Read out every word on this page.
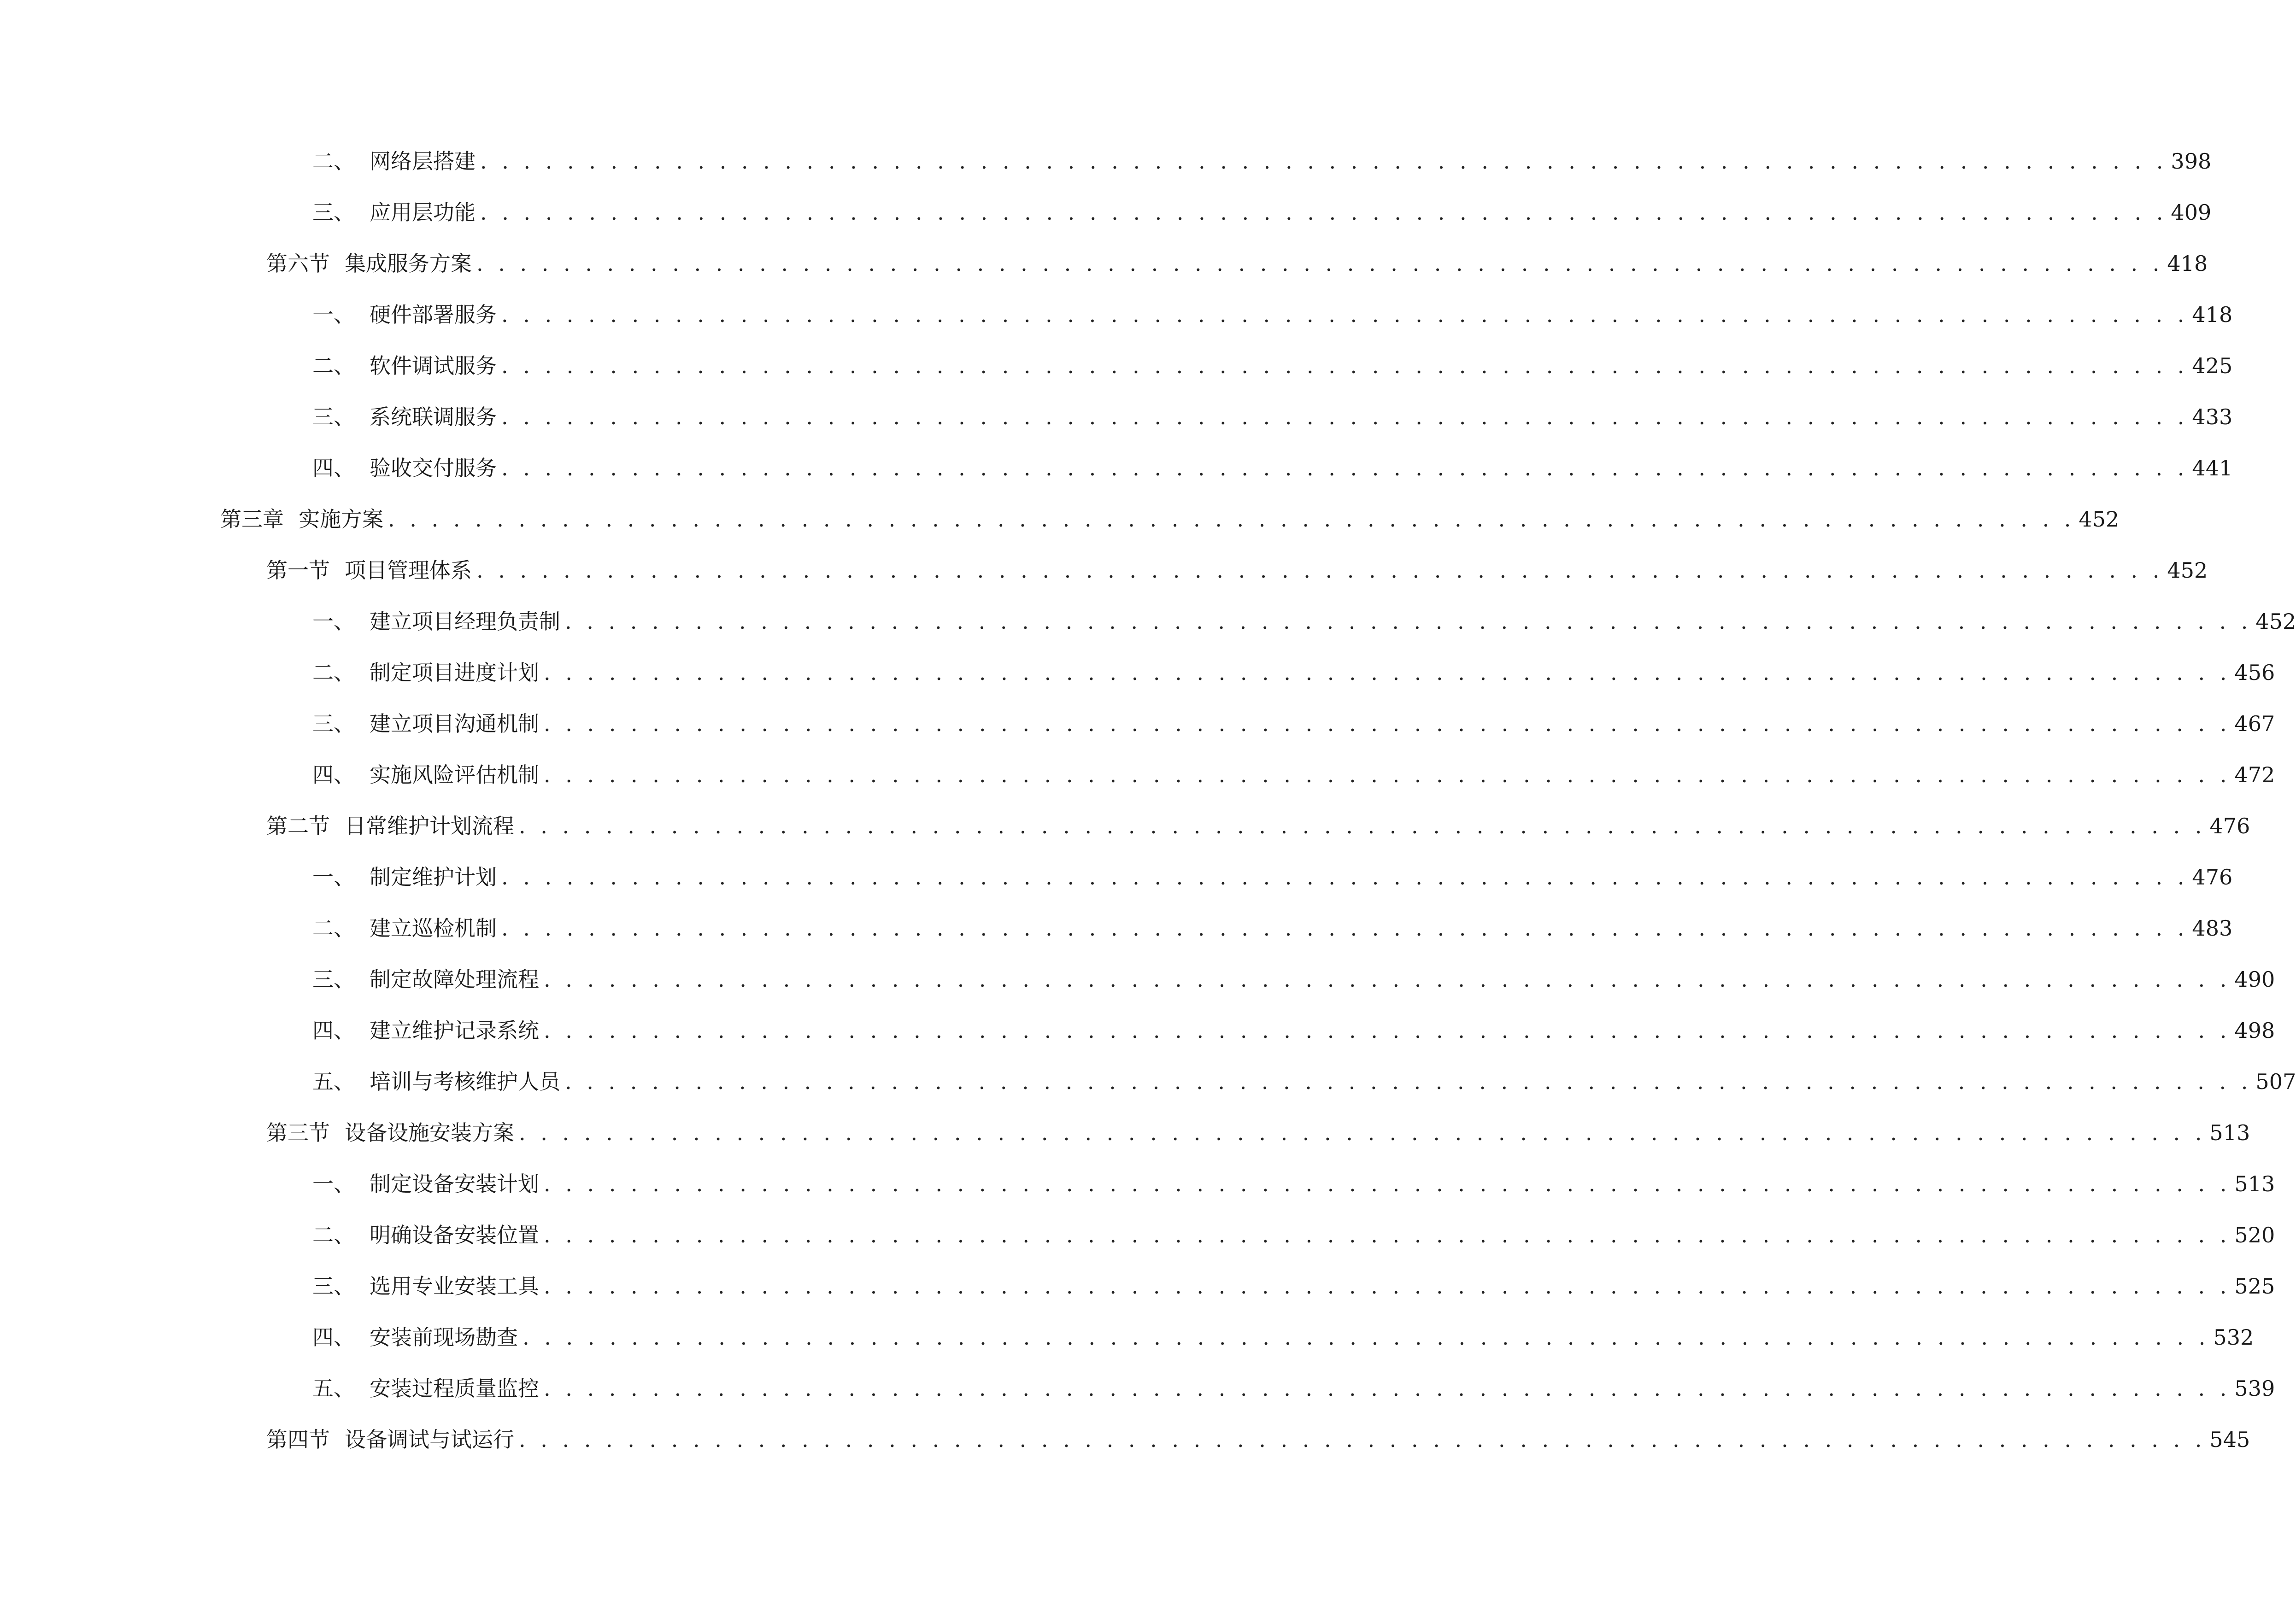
二、 网络层搭建 . . . . . . . . . . . . . . . . . . . . . . . . . . . . . . . . . . . . . . . . . . . . . . . . . . . . . . . . . . . . . . . . . . . . . . . . . . . . . . 398
三、 应用层功能 . . . . . . . . . . . . . . . . . . . . . . . . . . . . . . . . . . . . . . . . . . . . . . . . . . . . . . . . . . . . . . . . . . . . . . . . . . . . . . 409
第六节 集成服务方案 . . . . . . . . . . . . . . . . . . . . . . . . . . . . . . . . . . . . . . . . . . . . . . . . . . . . . . . . . . . . . . . . . . . . . . . . . . . . . . 418
一、 硬件部署服务 . . . . . . . . . . . . . . . . . . . . . . . . . . . . . . . . . . . . . . . . . . . . . . . . . . . . . . . . . . . . . . . . . . . . . . . . . . . . . . 418
二、 软件调试服务 . . . . . . . . . . . . . . . . . . . . . . . . . . . . . . . . . . . . . . . . . . . . . . . . . . . . . . . . . . . . . . . . . . . . . . . . . . . . . . 425
三、 系统联调服务 . . . . . . . . . . . . . . . . . . . . . . . . . . . . . . . . . . . . . . . . . . . . . . . . . . . . . . . . . . . . . . . . . . . . . . . . . . . . . . 433
四、 验收交付服务 . . . . . . . . . . . . . . . . . . . . . . . . . . . . . . . . . . . . . . . . . . . . . . . . . . . . . . . . . . . . . . . . . . . . . . . . . . . . . . 441
第三章 实施方案 . . . . . . . . . . . . . . . . . . . . . . . . . . . . . . . . . . . . . . . . . . . . . . . . . . . . . . . . . . . . . . . . . . . . . . . . . . . . . . 452
第一节 项目管理体系 . . . . . . . . . . . . . . . . . . . . . . . . . . . . . . . . . . . . . . . . . . . . . . . . . . . . . . . . . . . . . . . . . . . . . . . . . . . . . . 452
一、 建立项目经理负责制 . . . . . . . . . . . . . . . . . . . . . . . . . . . . . . . . . . . . . . . . . . . . . . . . . . . . . . . . . . . . . . . . . . . . . . . . . . . . . . 452
二、 制定项目进度计划 . . . . . . . . . . . . . . . . . . . . . . . . . . . . . . . . . . . . . . . . . . . . . . . . . . . . . . . . . . . . . . . . . . . . . . . . . . . . . . 456
三、 建立项目沟通机制 . . . . . . . . . . . . . . . . . . . . . . . . . . . . . . . . . . . . . . . . . . . . . . . . . . . . . . . . . . . . . . . . . . . . . . . . . . . . . . 467
四、 实施风险评估机制 . . . . . . . . . . . . . . . . . . . . . . . . . . . . . . . . . . . . . . . . . . . . . . . . . . . . . . . . . . . . . . . . . . . . . . . . . . . . . . 472
第二节 日常维护计划流程 . . . . . . . . . . . . . . . . . . . . . . . . . . . . . . . . . . . . . . . . . . . . . . . . . . . . . . . . . . . . . . . . . . . . . . . . . . . . . . 476
一、 制定维护计划 . . . . . . . . . . . . . . . . . . . . . . . . . . . . . . . . . . . . . . . . . . . . . . . . . . . . . . . . . . . . . . . . . . . . . . . . . . . . . . 476
二、 建立巡检机制 . . . . . . . . . . . . . . . . . . . . . . . . . . . . . . . . . . . . . . . . . . . . . . . . . . . . . . . . . . . . . . . . . . . . . . . . . . . . . . 483
三、 制定故障处理流程 . . . . . . . . . . . . . . . . . . . . . . . . . . . . . . . . . . . . . . . . . . . . . . . . . . . . . . . . . . . . . . . . . . . . . . . . . . . . . . 490
四、 建立维护记录系统 . . . . . . . . . . . . . . . . . . . . . . . . . . . . . . . . . . . . . . . . . . . . . . . . . . . . . . . . . . . . . . . . . . . . . . . . . . . . . . 498
五、 培训与考核维护人员 . . . . . . . . . . . . . . . . . . . . . . . . . . . . . . . . . . . . . . . . . . . . . . . . . . . . . . . . . . . . . . . . . . . . . . . . . . . . . . 507
第三节 设备设施安装方案 . . . . . . . . . . . . . . . . . . . . . . . . . . . . . . . . . . . . . . . . . . . . . . . . . . . . . . . . . . . . . . . . . . . . . . . . . . . . . . 513
一、 制定设备安装计划 . . . . . . . . . . . . . . . . . . . . . . . . . . . . . . . . . . . . . . . . . . . . . . . . . . . . . . . . . . . . . . . . . . . . . . . . . . . . . . 513
二、 明确设备安装位置 . . . . . . . . . . . . . . . . . . . . . . . . . . . . . . . . . . . . . . . . . . . . . . . . . . . . . . . . . . . . . . . . . . . . . . . . . . . . . . 520
三、 选用专业安装工具 . . . . . . . . . . . . . . . . . . . . . . . . . . . . . . . . . . . . . . . . . . . . . . . . . . . . . . . . . . . . . . . . . . . . . . . . . . . . . . 525
四、 安装前现场勘查 . . . . . . . . . . . . . . . . . . . . . . . . . . . . . . . . . . . . . . . . . . . . . . . . . . . . . . . . . . . . . . . . . . . . . . . . . . . . . . 532
五、 安装过程质量监控 . . . . . . . . . . . . . . . . . . . . . . . . . . . . . . . . . . . . . . . . . . . . . . . . . . . . . . . . . . . . . . . . . . . . . . . . . . . . . . 539
第四节 设备调试与试运行 . . . . . . . . . . . . . . . . . . . . . . . . . . . . . . . . . . . . . . . . . . . . . . . . . . . . . . . . . . . . . . . . . . . . . . . . . . . . . . 545
